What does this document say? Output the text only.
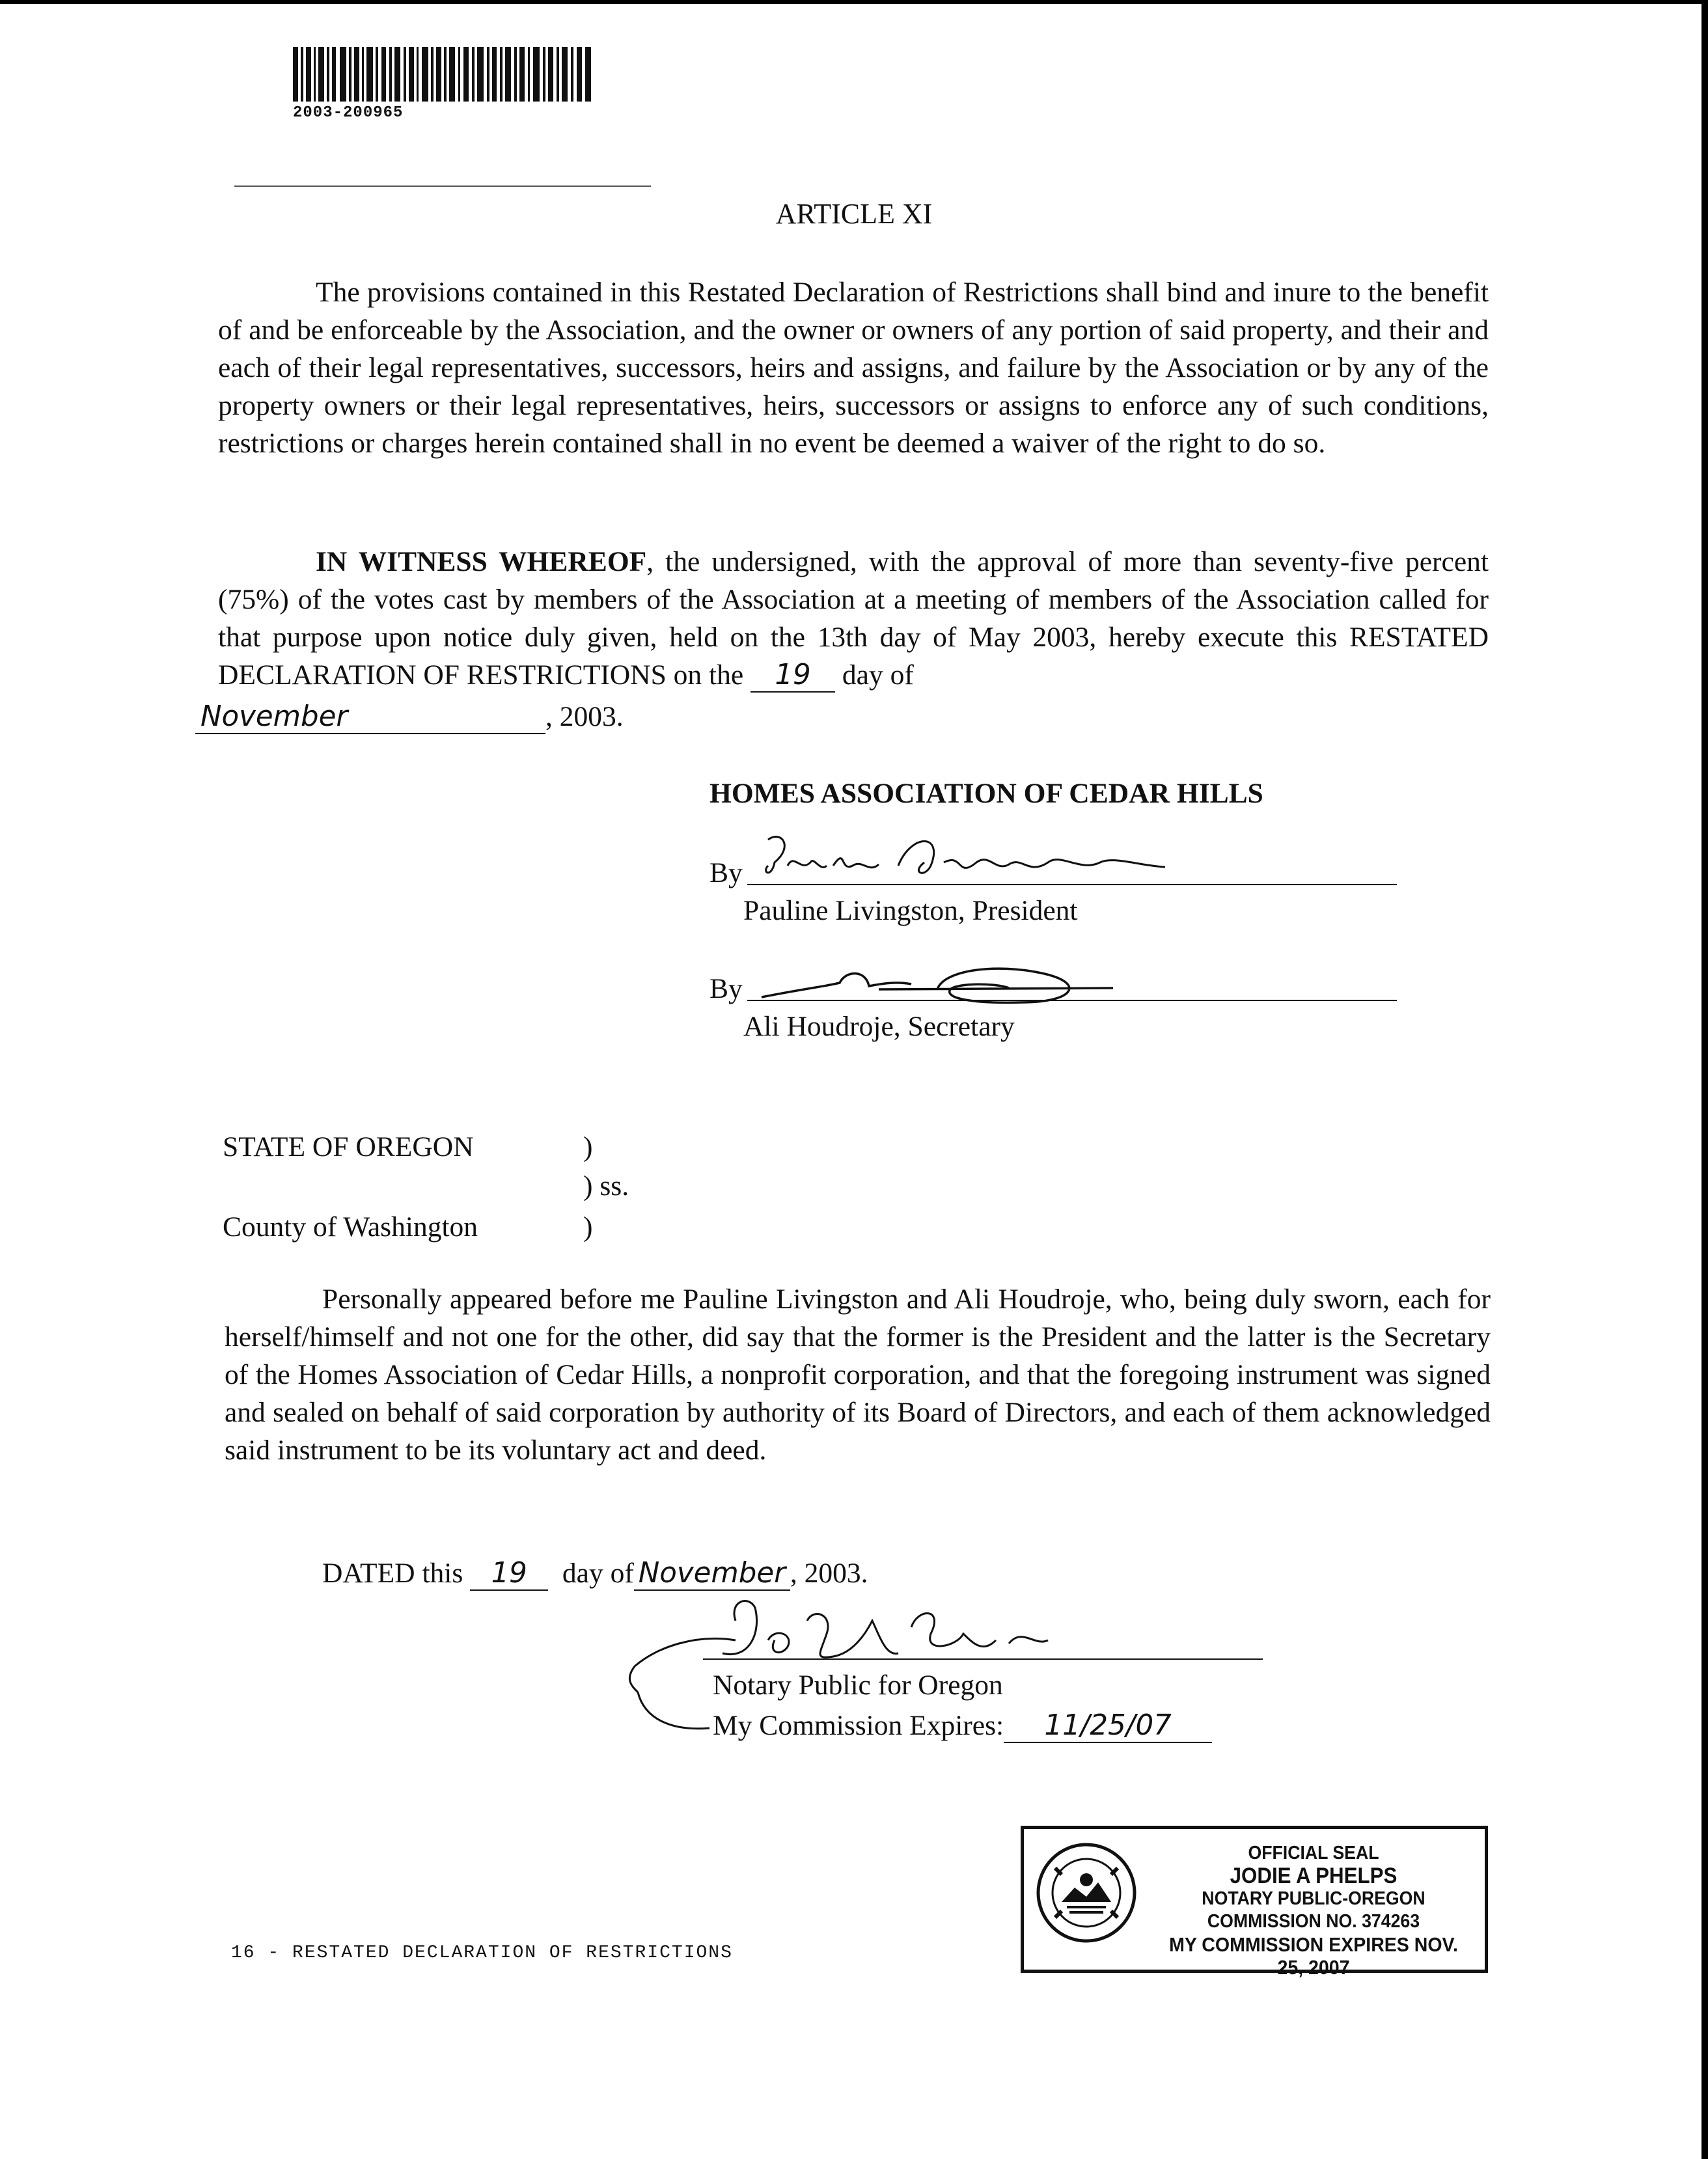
2003-200965
ARTICLE XI

The provisions contained in this Restated Declaration of Restrictions shall bind and inure to the benefit of and be enforceable by the Association, and the owner or owners of any portion of said property, and their and each of their legal representatives, successors, heirs and assigns, and failure by the Association or by any of the property owners or their legal representatives, heirs, successors or assigns to enforce any of such conditions, restrictions or charges herein contained shall in no event be deemed a waiver of the right to do so.

IN WITNESS WHEREOF, the undersigned, with the approval of more than seventy-five percent (75%) of the votes cast by members of the Association at a meeting of members of the Association called for that purpose upon notice duly given, held on the 13th day of May 2003, hereby execute this RESTATED DECLARATION OF RESTRICTIONS on the 19 day of

November	, 2003.
HOMES ASSOCIATION OF CEDAR HILLS
By
Pauline Livingston, President
By
Ali Houdroje, Secretary
STATE OF OREGON	)
) ss.
County of Washington	)

Personally appeared before me Pauline Livingston and Ali Houdroje, who, being duly sworn, each for herself/himself and not one for the other, did say that the former is the President and the latter is the Secretary of the Homes Association of Cedar Hills, a nonprofit corporation, and that the foregoing instrument was signed and sealed on behalf of said corporation by authority of its Board of Directors, and each of them acknowledged said instrument to be its voluntary act and deed.

DATED this 19 day of November , 2003.
Notary Public for Oregon
My Commission Expires: 11/25/07
16 - RESTATED DECLARATION OF RESTRICTIONS
OFFICIAL SEAL
JODIE A PHELPS
NOTARY PUBLIC-OREGON
COMMISSION NO. 374263
MY COMMISSION EXPIRES NOV. 25, 2007
